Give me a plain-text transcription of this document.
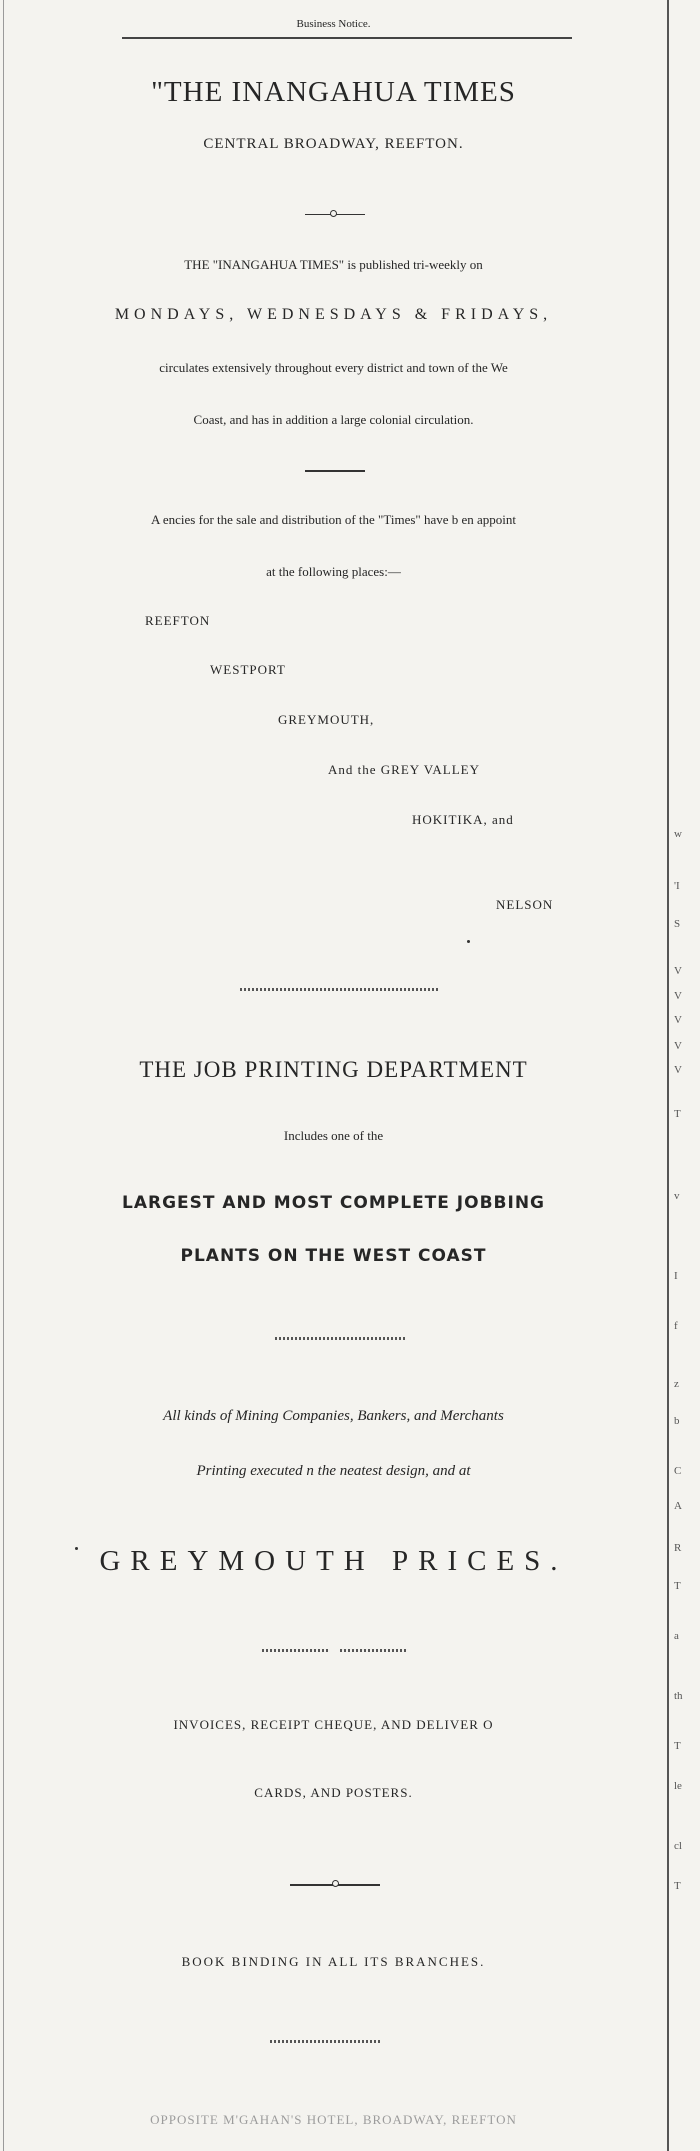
w
'I
S
V
V
V
V
V
T
v
I
f
z
b
C
A
R
T
a
th
T
le
cl
T
Business Notice.
"THE INANGAHUA TIMES
CENTRAL BROADWAY, REEFTON.
THE "INANGAHUA TIMES" is published tri-weekly on
MONDAYS, WEDNESDAYS & FRIDAYS,
circulates extensively throughout every district and town of the We
Coast, and has in addition a large colonial circulation.
A encies for the sale and distribution of the "Times" have b en appoint
at the following places:—
REEFTON
WESTPORT
GREYMOUTH,
And the GREY VALLEY
HOKITIKA, and
NELSON
THE JOB PRINTING DEPARTMENT
Includes one of the
LARGEST AND MOST COMPLETE JOBBING
PLANTS ON THE WEST COAST
All kinds of Mining Companies, Bankers, and Merchants
Printing executed n the neatest design, and at
GREYMOUTH PRICES.
INVOICES, RECEIPT CHEQUE, AND DELIVER O
CARDS, AND POSTERS.
BOOK BINDING IN ALL ITS BRANCHES.
OPPOSITE M'GAHAN'S HOTEL, BROADWAY, REEFTON
